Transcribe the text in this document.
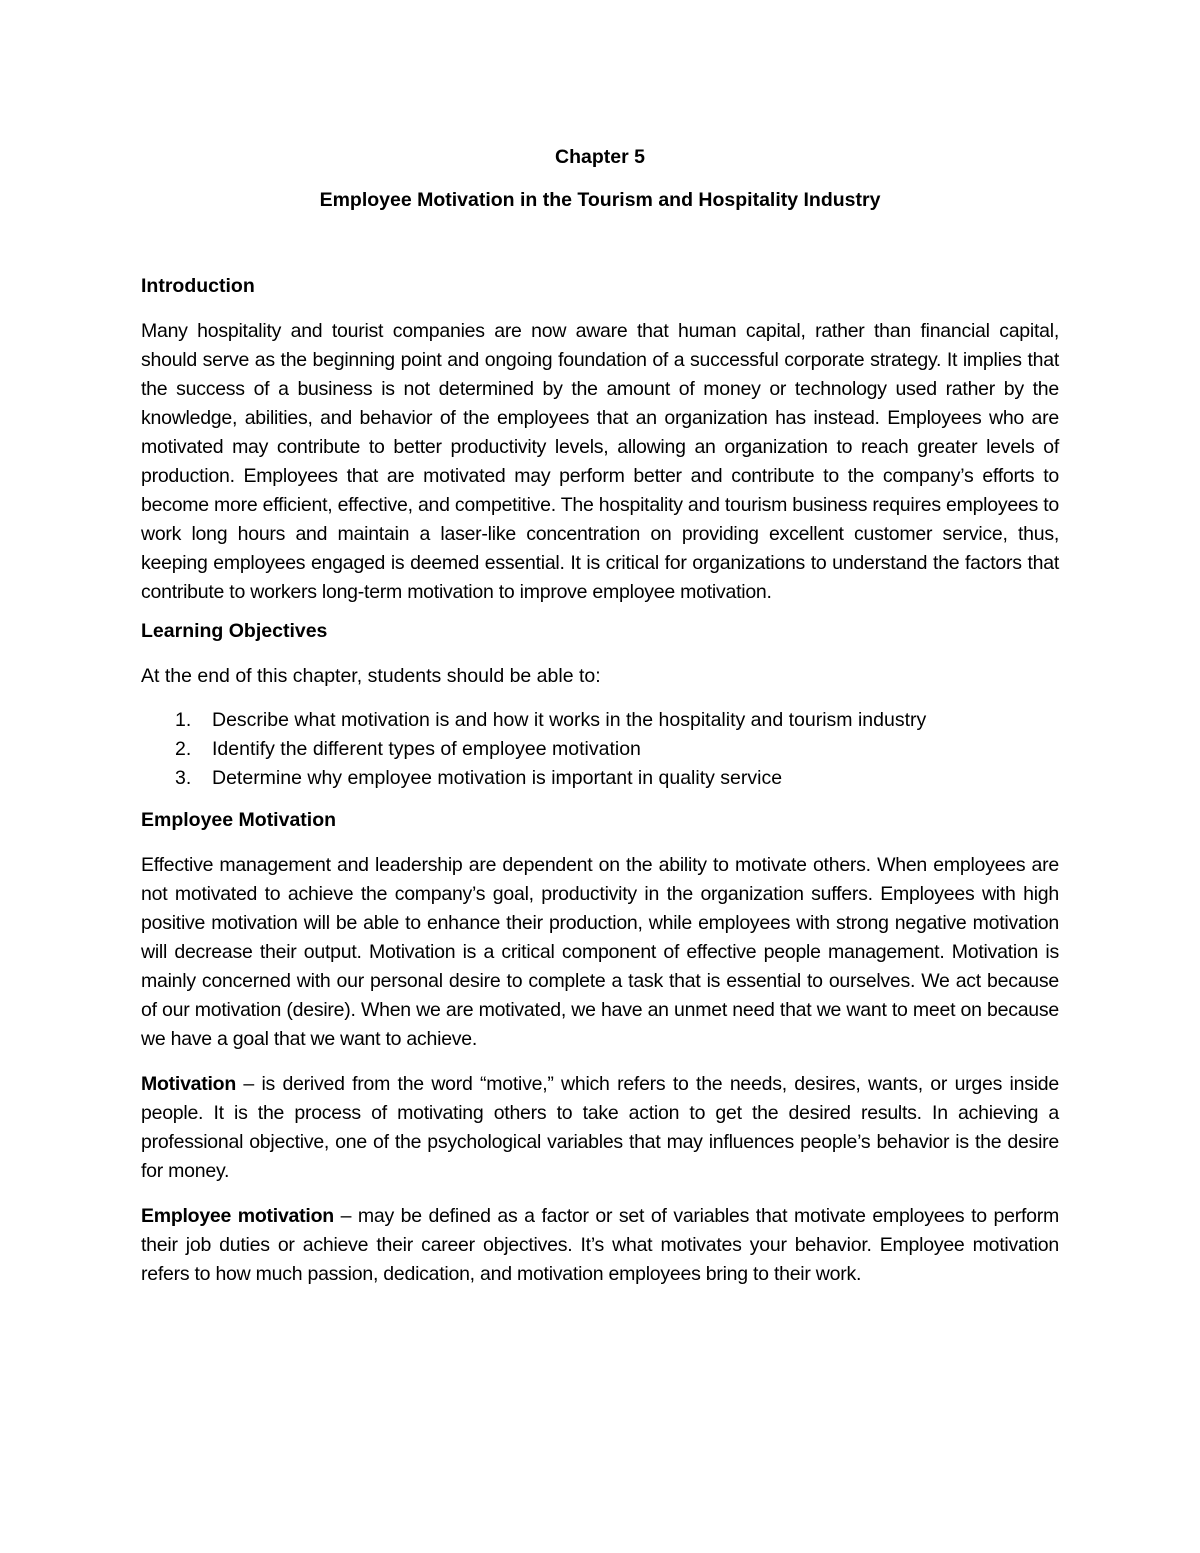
Chapter 5

Employee Motivation in the Tourism and Hospitality Industry

Introduction

Many hospitality and tourist companies are now aware that human capital, rather than financial capital, should serve as the beginning point and ongoing foundation of a successful corporate strategy. It implies that the success of a business is not determined by the amount of money or technology used rather by the knowledge, abilities, and behavior of the employees that an organization has instead. Employees who are motivated may contribute to better productivity levels, allowing an organization to reach greater levels of production. Employees that are motivated may perform better and contribute to the company’s efforts to become more efficient, effective, and competitive. The hospitality and tourism business requires employees to work long hours and maintain a laser-like concentration on providing excellent customer service, thus, keeping employees engaged is deemed essential. It is critical for organizations to understand the factors that contribute to workers long-term motivation to improve employee motivation.

Learning Objectives

At the end of this chapter, students should be able to:

1. Describe what motivation is and how it works in the hospitality and tourism industry
2. Identify the different types of employee motivation
3. Determine why employee motivation is important in quality service

Employee Motivation

Effective management and leadership are dependent on the ability to motivate others. When employees are not motivated to achieve the company’s goal, productivity in the organization suffers. Employees with high positive motivation will be able to enhance their production, while employees with strong negative motivation will decrease their output. Motivation is a critical component of effective people management. Motivation is mainly concerned with our personal desire to complete a task that is essential to ourselves. We act because of our motivation (desire). When we are motivated, we have an unmet need that we want to meet on because we have a goal that we want to achieve.

Motivation – is derived from the word “motive,” which refers to the needs, desires, wants, or urges inside people. It is the process of motivating others to take action to get the desired results. In achieving a professional objective, one of the psychological variables that may influences people’s behavior is the desire for money.

Employee motivation – may be defined as a factor or set of variables that motivate employees to perform their job duties or achieve their career objectives. It’s what motivates your behavior. Employee motivation refers to how much passion, dedication, and motivation employees bring to their work.
